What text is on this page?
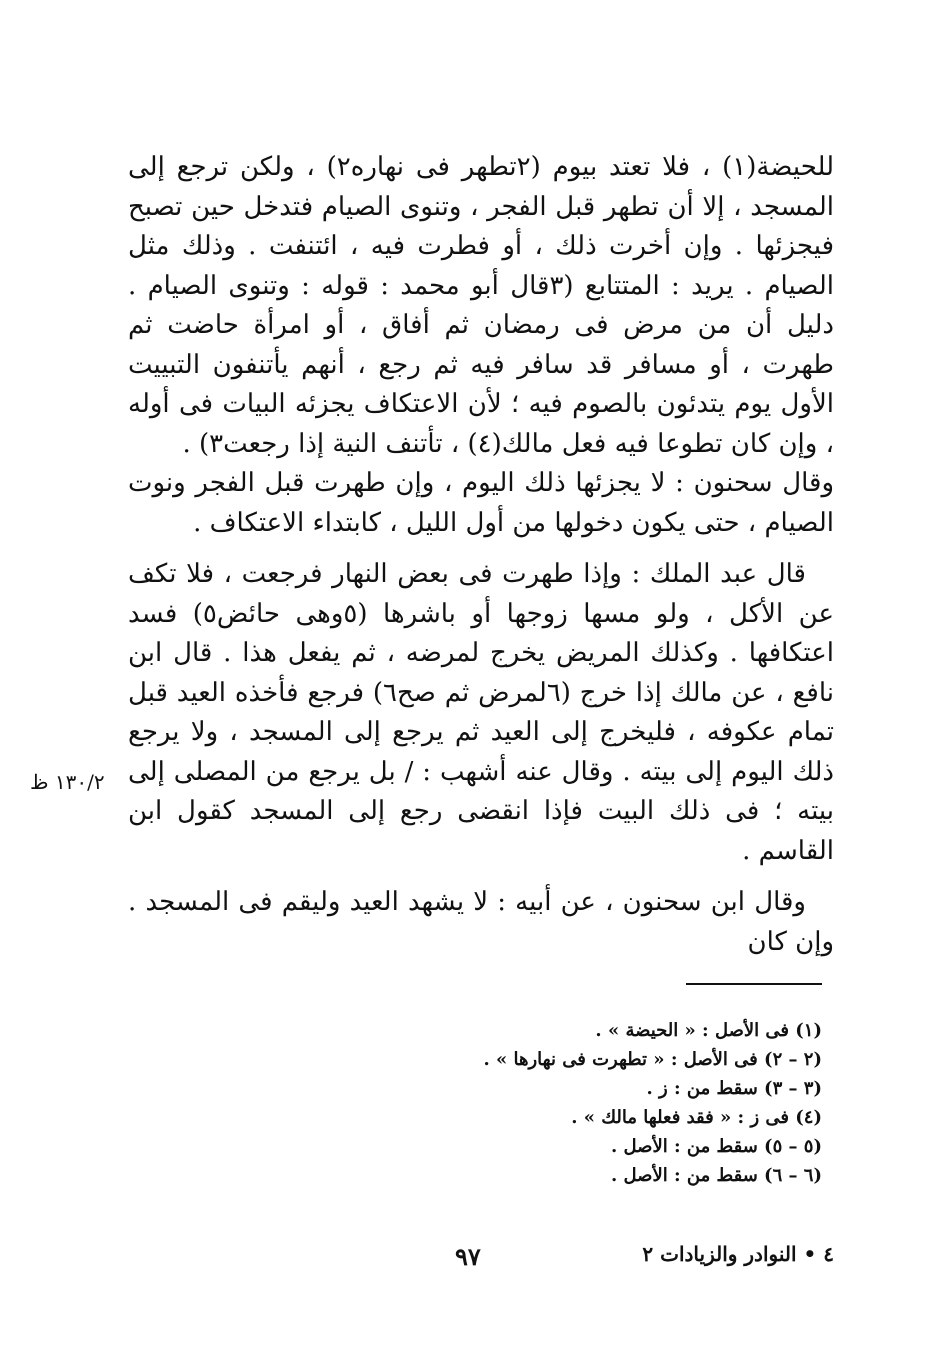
للحيضة(١) ، فلا تعتد بيوم (٢تطهر فى نهاره٢) ، ولكن ترجع إلى المسجد ، إلا أن تطهر قبل الفجر ، وتنوى الصيام فتدخل حين تصبح فيجزئها . وإن أخرت ذلك ، أو فطرت فيه ، ائتنفت . وذلك مثل الصيام . يريد : المتتابع (٣قال أبو محمد : قوله : وتنوى الصيام . دليل أن من مرض فى رمضان ثم أفاق ، أو امرأة حاضت ثم طهرت ، أو مسافر قد سافر فيه ثم رجع ، أنهم يأتنفون التبييت الأول يوم يتدئون بالصوم فيه ؛ لأن الاعتكاف يجزئه البيات فى أوله ، وإن كان تطوعا فيه فعل مالك(٤) ، تأتنف النية إذا رجعت٣) .

وقال سحنون : لا يجزئها ذلك اليوم ، وإن طهرت قبل الفجر ونوت الصيام ، حتى يكون دخولها من أول الليل ، كابتداء الاعتكاف .

قال عبد الملك : وإذا طهرت فى بعض النهار فرجعت ، فلا تكف عن الأكل ، ولو مسها زوجها أو باشرها (٥وهى حائض٥) فسد اعتكافها . وكذلك المريض يخرج لمرضه ، ثم يفعل هذا . قال ابن نافع ، عن مالك إذا خرج (٦لمرض ثم صح٦) فرجع فأخذه العيد قبل تمام عكوفه ، فليخرج إلى العيد ثم يرجع إلى المسجد ، ولا يرجع ذلك اليوم إلى بيته . وقال عنه أشهب : / بل يرجع من المصلى إلى بيته ؛ فى ذلك البيت فإذا انقضى رجع إلى المسجد كقول ابن القاسم .

وقال ابن سحنون ، عن أبيه : لا يشهد العيد وليقم فى المسجد . وإن كان

١٣٠/٢ ظ
(١) فى الأصل : « الحيضة » .
(٢ – ٢) فى الأصل : « تطهرت فى نهارها » .
(٣ – ٣) سقط من : ز .
(٤) فى ز : « فقد فعلها مالك » .
(٥ – ٥) سقط من : الأصل .
(٦ – ٦) سقط من : الأصل .
٤ • النوادر والزيادات ٢
٩٧
